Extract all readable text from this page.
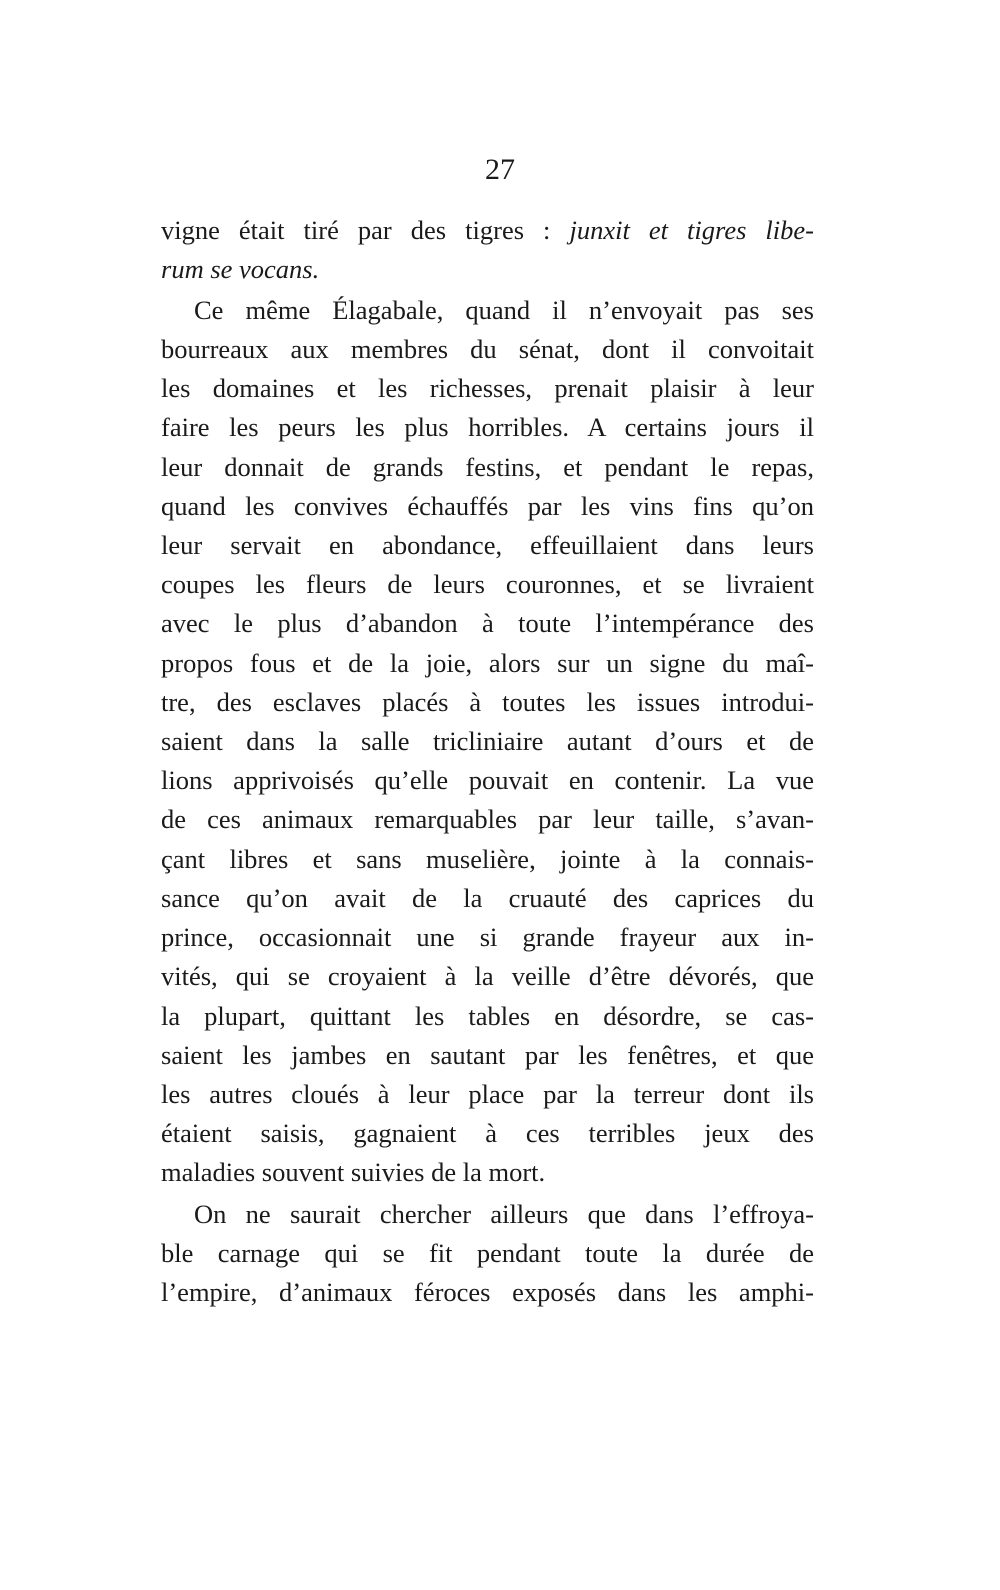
27
vigne était tiré par des tigres : junxit et tigres libe-
rum se vocans.
Ce même Élagabale, quand il n’envoyait pas ses
bourreaux aux membres du sénat, dont il convoitait
les domaines et les richesses, prenait plaisir à leur
faire les peurs les plus horribles. A certains jours il
leur donnait de grands festins, et pendant le repas,
quand les convives échauffés par les vins fins qu’on
leur servait en abondance, effeuillaient dans leurs
coupes les fleurs de leurs couronnes, et se livraient
avec le plus d’abandon à toute l’intempérance des
propos fous et de la joie, alors sur un signe du maî-
tre, des esclaves placés à toutes les issues introdui-
saient dans la salle tricliniaire autant d’ours et de
lions apprivoisés qu’elle pouvait en contenir. La vue
de ces animaux remarquables par leur taille, s’avan-
çant libres et sans muselière, jointe à la connais-
sance qu’on avait de la cruauté des caprices du
prince, occasionnait une si grande frayeur aux in-
vités, qui se croyaient à la veille d’être dévorés, que
la plupart, quittant les tables en désordre, se cas-
saient les jambes en sautant par les fenêtres, et que
les autres cloués à leur place par la terreur dont ils
étaient saisis, gagnaient à ces terribles jeux des
maladies souvent suivies de la mort.
On ne saurait chercher ailleurs que dans l’effroya-
ble carnage qui se fit pendant toute la durée de
l’empire, d’animaux féroces exposés dans les amphi-
